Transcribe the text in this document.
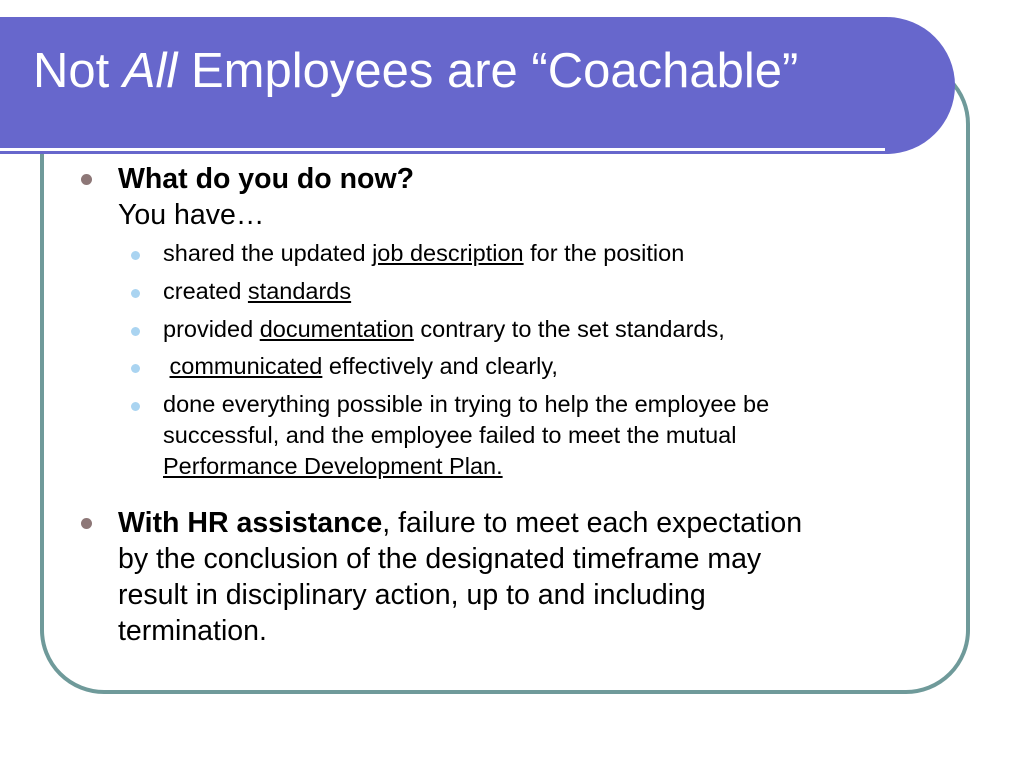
Not All Employees are “Coachable”
What do you do now?
You have…
shared the updated job description for the position
created standards
provided documentation contrary to the set standards,
communicated effectively and clearly,
done everything possible in trying to help the employee be
successful, and the employee failed to meet the mutual
Performance Development Plan.
With HR assistance, failure to meet each expectation
by the conclusion of the designated timeframe may
result in disciplinary action, up to and including
termination.
